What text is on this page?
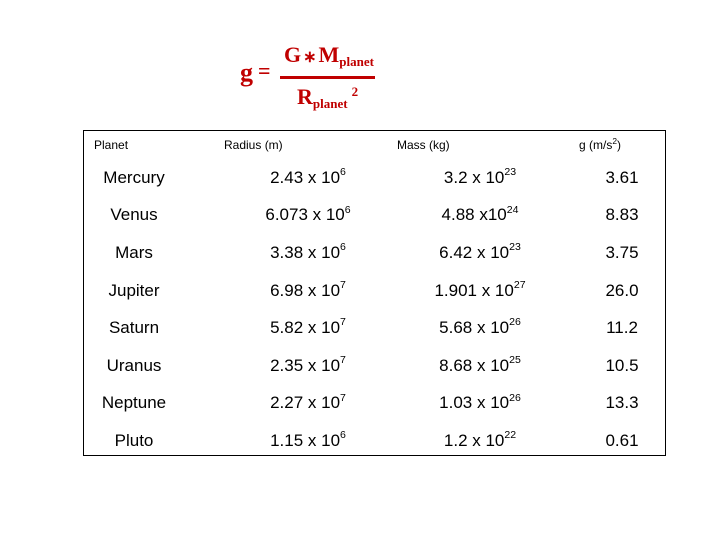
g =
G ∗Mplanet
Rplanet$^2$
Planet	Radius (m)	Mass (kg)	g ($m/s^2$ )
Mercury	2.43 x $10^6$	3.2 x $10^{23}$	3.61
Venus	6.073 x $10^6$	4.88 $x10^{24}$	8.83
Mars	3.38 x $10^6$	6.42 x $10^{23}$	3.75
Jupiter	6.98 x $10^7$	1.901 x $10^{27}$	26.0
Saturn	5.82 x $10^7$	5.68 x $10^{26}$	11.2
Uranus	2.35 x $10^7$	8.68 x $10^{25}$	10.5
Neptune	2.27 x $10^7$	1.03 x $10^{26}$	13.3
Pluto	1.15 x $10^6$	1.2 x $10^{22}$	0.61
